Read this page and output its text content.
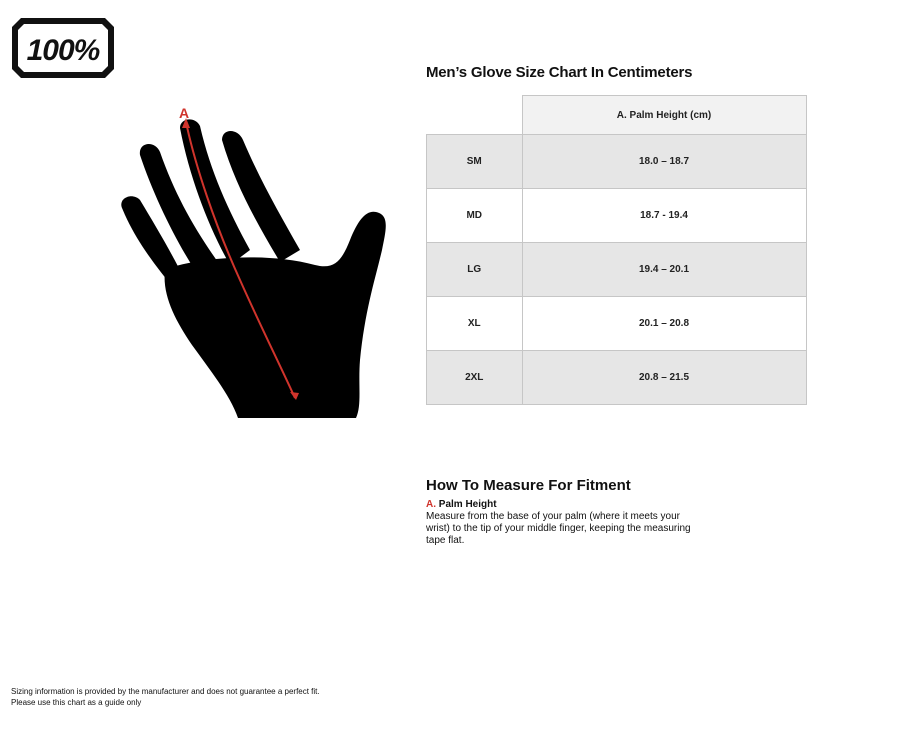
100%
A
Men’s Glove Size Chart In Centimeters
	A. Palm Height (cm)
SM	18.0 – 18.7
MD	18.7 - 19.4
LG	19.4 – 20.1
XL	20.1 – 20.8
2XL	20.8 – 21.5
How To Measure For Fitment
A. Palm Height
Measure from the base of your palm (where it meets your wrist) to the tip of your middle finger, keeping the measuring tape flat.
Sizing information is provided by the manufacturer and does not guarantee a perfect fit.
Please use this chart as a guide only
